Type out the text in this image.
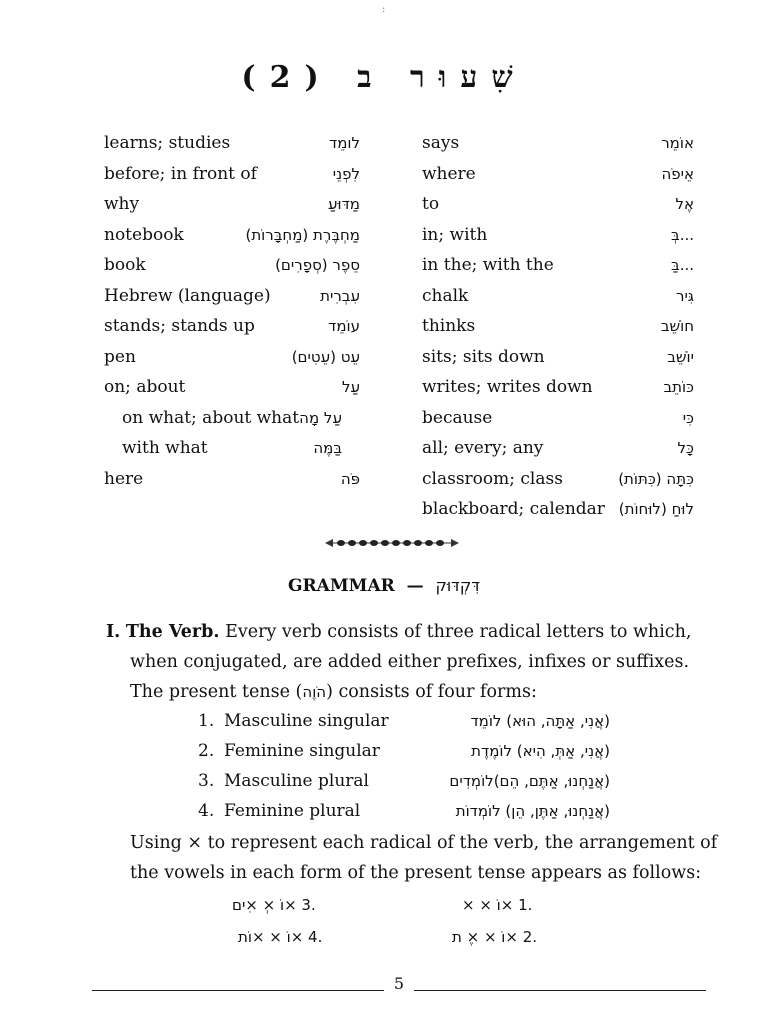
:
שִׁעוּר ב (2)
learns; studies	לומֵד
before; in front of	לִפְנֵי
why	מַדּוּעַ
notebook	מַחְבֶּרֶת (מַחְבָּרוֹת)
book	סֵפֶר (סְפָרִים)
Hebrew (language)	עִבְרִית
stands; stands up	עוֹמֵד
pen	עֵט (עֵטִים)
on; about	עַל
on what; about what עַל מָה
with what	בַּמֶּה
here	פֹּה
says	אוֹמֵר
where	אֵיפֹה
to	אֶל
in; with	...בְּ
in the; with the	...בַּ
chalk	גִּיר
thinks	חוֹשֵׁב
sits; sits down	יוֹשֵׁב
writes; writes down	כּוֹתֵב
because	כִּי
all; every; any	כָּל
classroom; class	כִּתָּה (כִּתּוֹת)
blackboard; calendar לוּחַ (לוּחוֹת)
GRAMMAR — דִּקְדּוּק
I. The Verb. Every verb consists of three radical letters to which,
when conjugated, are added either prefixes, infixes or suffixes.
The present tense (הֹוֶה) consists of four forms:
1. Masculine singular	(אֲנִי, אַתָּה, הוּא) לוֹמֵד
2. Feminine singular	(אֲנִי, אַתְּ, הִיא) לוֹמֶדֶת
3. Masculine plural	(אֲנַחְנוּ, אַתֶּם, הֵם)לוֹמְדִים
4. Feminine plural	(אֲנַחְנוּ, אַתֶּן, הֵן) לוֹמְדוֹת
Using × to represent each radical of the verb, the arrangement of
the vowels in each form of the present tense appears as follows:
.1 ×וֹ × ×
.2 ×וֹ × ×ֶ ת
.3 ×וֹ ×ְ ×ִים
.4 ×וֹ × ×וֹת
5
